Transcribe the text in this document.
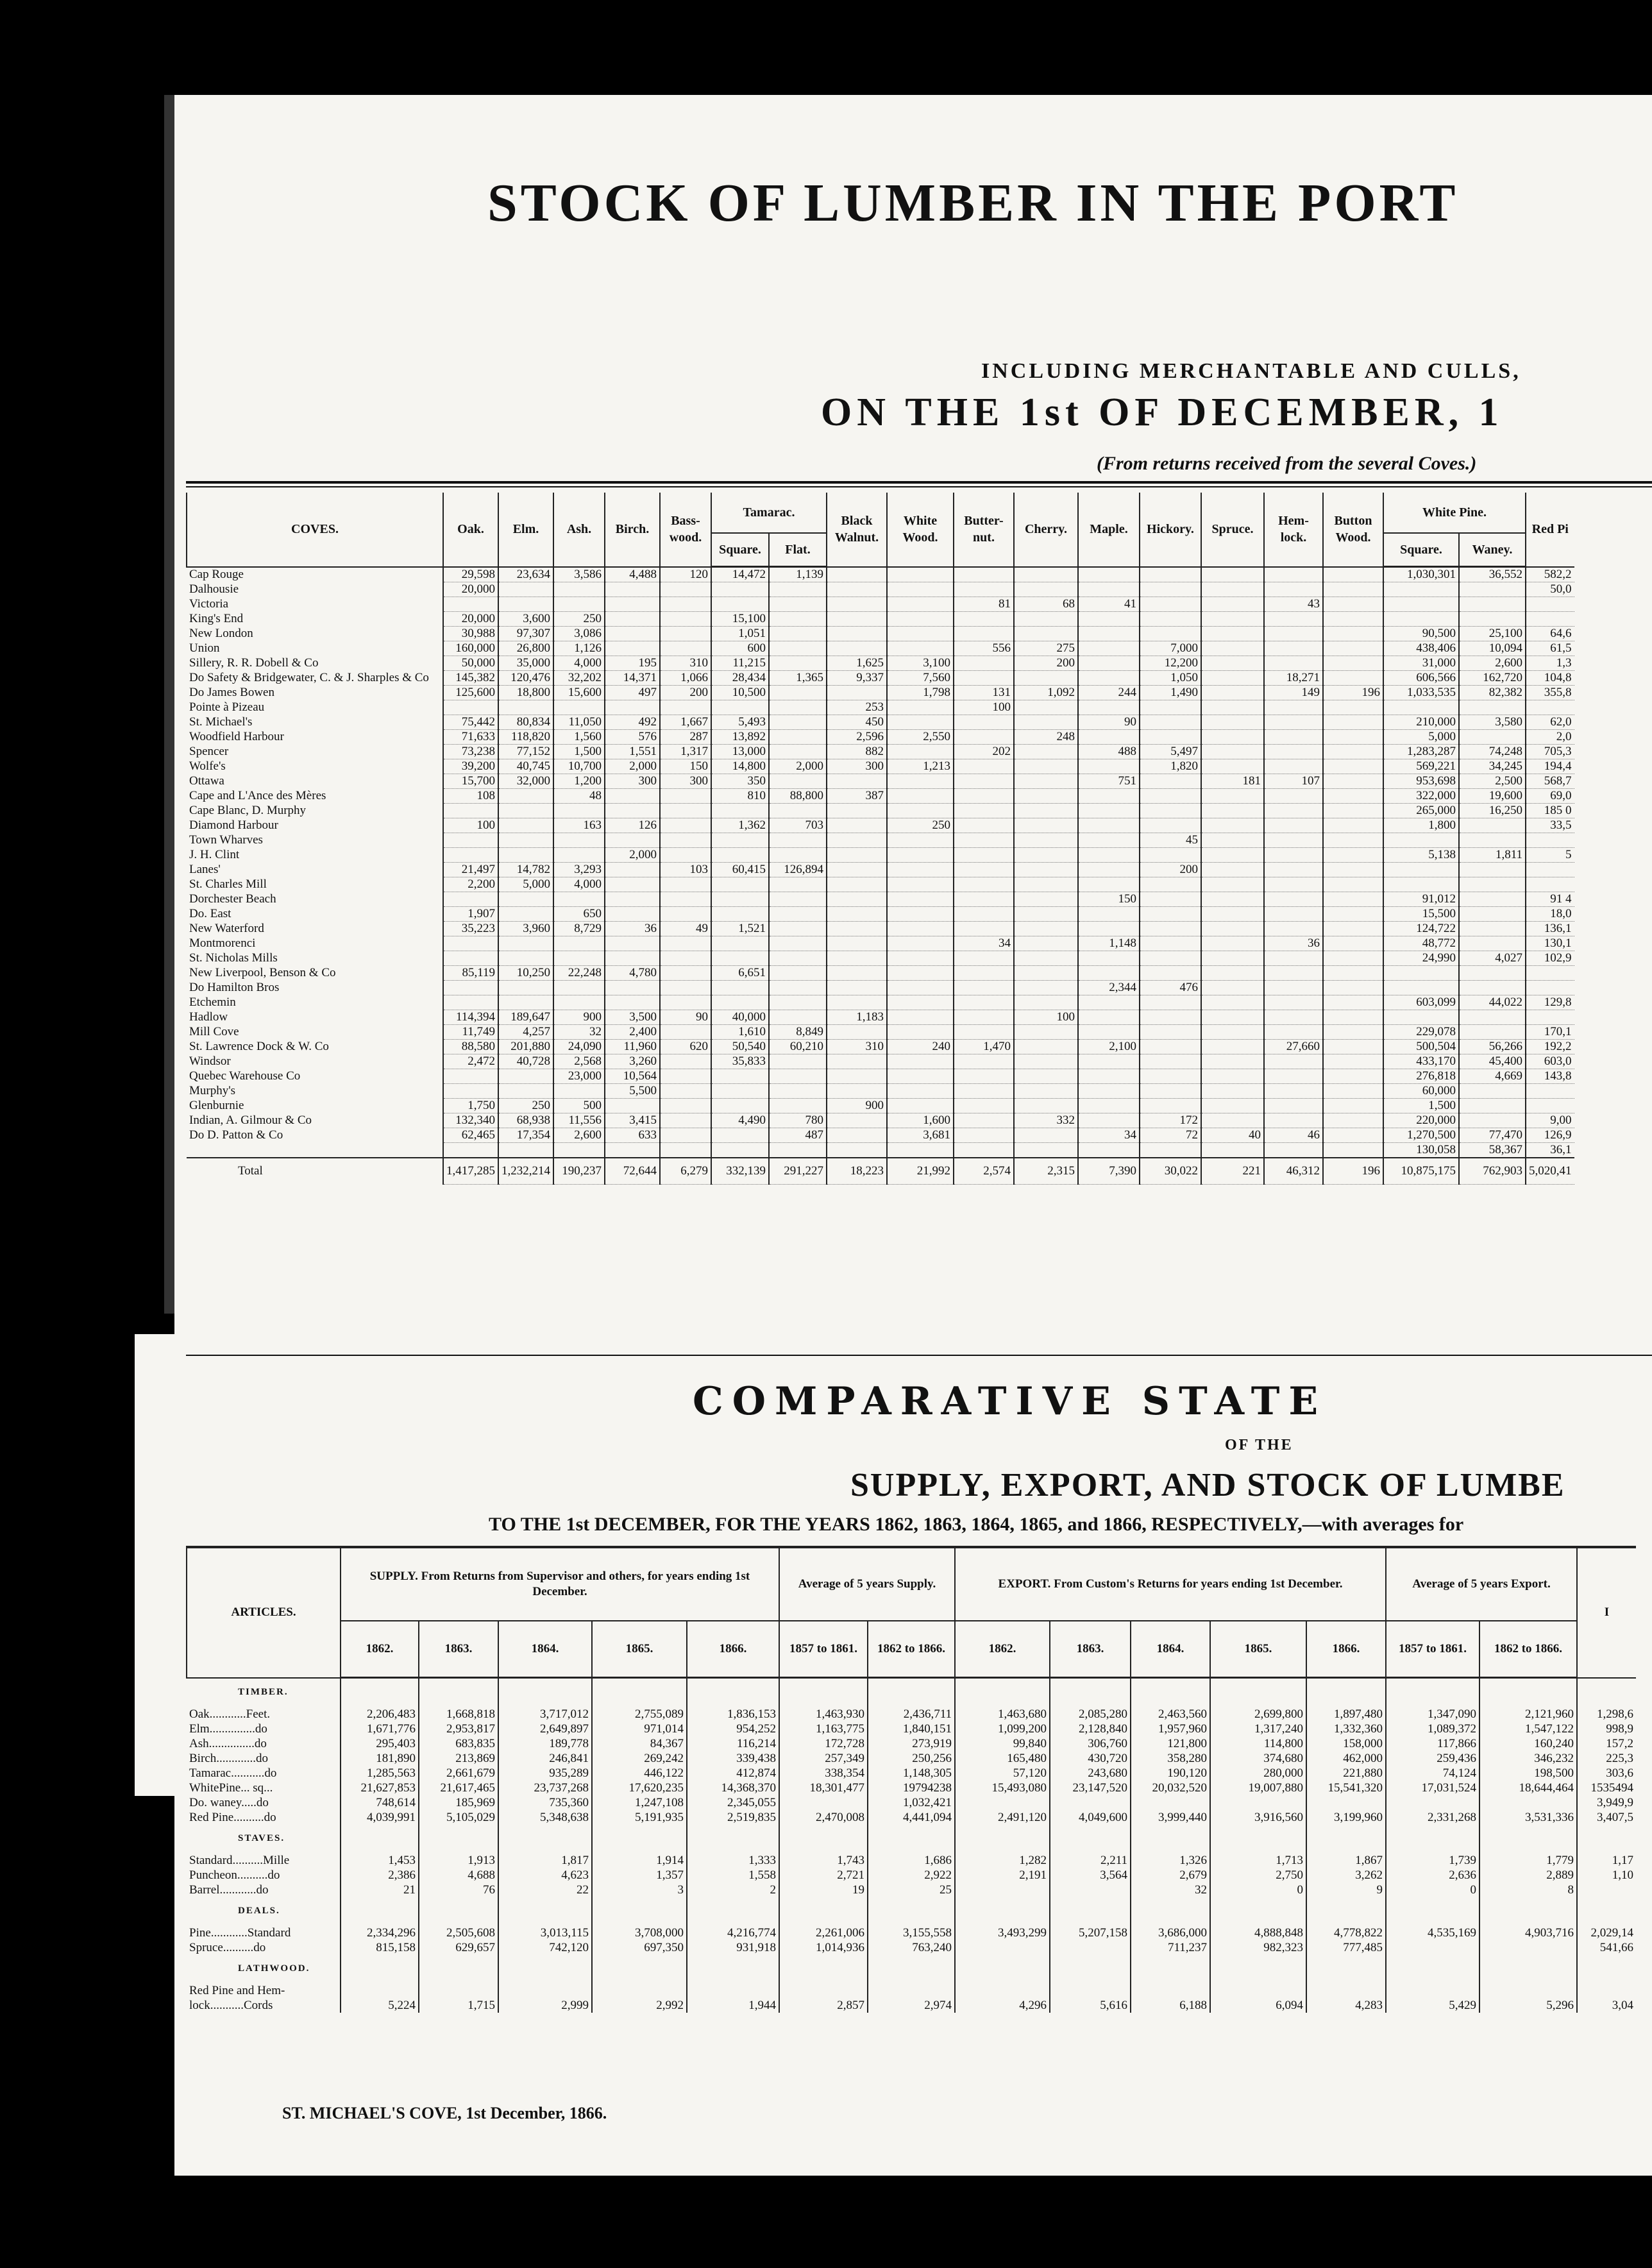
STOCK OF LUMBER IN THE PORT
INCLUDING MERCHANTABLE AND CULLS,
ON THE 1st OF DECEMBER, 1
(From returns received from the several Coves.)
COVES.	Oak.	Elm.	Ash.	Birch.	Bass-wood.	Tamarac.		Black Walnut.	White Wood.	Butter-nut.	Cherry.	Maple.	Hickory.	Spruce.	Hem-lock.	Button Wood.	White Pine.		Red Pi
						Square.	Flat.										Square.	Waney.	
Cap Rouge	29,598	23,634	3,586	4,488	120	14,472	1,139										1,030,301	36,552	582,2
Dalhousie	20,000																		50,0
Victoria										81	68	41			43				
King's End	20,000	3,600	250			15,100													
New London	30,988	97,307	3,086			1,051											90,500	25,100	64,6
Union	160,000	26,800	1,126			600				556	275		7,000				438,406	10,094	61,5
Sillery, R. R. Dobell & Co	50,000	35,000	4,000	195	310	11,215		1,625	3,100		200		12,200				31,000	2,600	1,3
Do Safety & Bridgewater, C. & J. Sharples & Co	145,382	120,476	32,202	14,371	1,066	28,434	1,365	9,337	7,560				1,050		18,271		606,566	162,720	104,8
Do James Bowen	125,600	18,800	15,600	497	200	10,500			1,798	131	1,092	244	1,490		149	196	1,033,535	82,382	355,8
Pointe à Pizeau								253		100									
St. Michael's	75,442	80,834	11,050	492	1,667	5,493		450				90					210,000	3,580	62,0
Woodfield Harbour	71,633	118,820	1,560	576	287	13,892		2,596	2,550		248						5,000		2,0
Spencer	73,238	77,152	1,500	1,551	1,317	13,000		882		202		488	5,497				1,283,287	74,248	705,3
Wolfe's	39,200	40,745	10,700	2,000	150	14,800	2,000	300	1,213				1,820				569,221	34,245	194,4
Ottawa	15,700	32,000	1,200	300	300	350						751		181	107		953,698	2,500	568,7
Cape and L'Ance des Mères	108		48			810	88,800	387									322,000	19,600	69,0
Cape Blanc, D. Murphy																	265,000	16,250	185 0
Diamond Harbour	100		163	126		1,362	703		250								1,800		33,5
Town Wharves													45						
J. H. Clint				2,000													5,138	1,811	5
Lanes'	21,497	14,782	3,293		103	60,415	126,894						200						
St. Charles Mill	2,200	5,000	4,000																
Dorchester Beach												150					91,012		91 4
Do. East	1,907		650														15,500		18,0
New Waterford	35,223	3,960	8,729	36	49	1,521											124,722		136,1
Montmorenci										34		1,148			36		48,772		130,1
St. Nicholas Mills																	24,990	4,027	102,9
New Liverpool, Benson & Co	85,119	10,250	22,248	4,780		6,651													
Do Hamilton Bros												2,344	476						
Etchemin																	603,099	44,022	129,8
Hadlow	114,394	189,647	900	3,500	90	40,000		1,183			100								
Mill Cove	11,749	4,257	32	2,400		1,610	8,849										229,078		170,1
St. Lawrence Dock & W. Co	88,580	201,880	24,090	11,960	620	50,540	60,210	310	240	1,470		2,100			27,660		500,504	56,266	192,2
Windsor	2,472	40,728	2,568	3,260		35,833											433,170	45,400	603,0
Quebec Warehouse Co			23,000	10,564													276,818	4,669	143,8
Murphy's				5,500													60,000		
Glenburnie	1,750	250	500					900									1,500		
Indian, A. Gilmour & Co	132,340	68,938	11,556	3,415		4,490	780		1,600		332		172				220,000		9,00
Do D. Patton & Co	62,465	17,354	2,600	633			487		3,681			34	72	40	46		1,270,500	77,470	126,9
																	130,058	58,367	36,1
Total	1,417,285	1,232,214	190,237	72,644	6,279	332,139	291,227	18,223	21,992	2,574	2,315	7,390	30,022	221	46,312	196	10,875,175	762,903	5,020,41
COMPARATIVE STATE
OF THE
SUPPLY, EXPORT, AND STOCK OF LUMBE
TO THE 1st DECEMBER, FOR THE YEARS 1862, 1863, 1864, 1865, and 1866, RESPECTIVELY,—with averages for
ARTICLES.	SUPPLY. From Returns from Supervisor and others, for years ending 1st December.					Average of 5 years Supply.		EXPORT. From Custom's Returns for years ending 1st December.					Average of 5 years Export.		I
	1862.	1863.	1864.	1865.	1866.	1857 to 1861.	1862 to 1866.	1862.	1863.	1864.	1865.	1866.	1857 to 1861.	1862 to 1866.	
TIMBER.															
Oak............Feet.	2,206,483	1,668,818	3,717,012	2,755,089	1,836,153	1,463,930	2,436,711	1,463,680	2,085,280	2,463,560	2,699,800	1,897,480	1,347,090	2,121,960	1,298,6
Elm...............do	1,671,776	2,953,817	2,649,897	971,014	954,252	1,163,775	1,840,151	1,099,200	2,128,840	1,957,960	1,317,240	1,332,360	1,089,372	1,547,122	998,9
Ash...............do	295,403	683,835	189,778	84,367	116,214	172,728	273,919	99,840	306,760	121,800	114,800	158,000	117,866	160,240	157,2
Birch.............do	181,890	213,869	246,841	269,242	339,438	257,349	250,256	165,480	430,720	358,280	374,680	462,000	259,436	346,232	225,3
Tamarac...........do	1,285,563	2,661,679	935,289	446,122	412,874	338,354	1,148,305	57,120	243,680	190,120	280,000	221,880	74,124	198,500	303,6
WhitePine... sq...	21,627,853	21,617,465	23,737,268	17,620,235	14,368,370	18,301,477	19794238	15,493,080	23,147,520	20,032,520	19,007,880	15,541,320	17,031,524	18,644,464	1535494
Do. waney.....do	748,614	185,969	735,360	1,247,108	2,345,055		1,032,421								3,949,9
Red Pine..........do	4,039,991	5,105,029	5,348,638	5,191,935	2,519,835	2,470,008	4,441,094	2,491,120	4,049,600	3,999,440	3,916,560	3,199,960	2,331,268	3,531,336	3,407,5
STAVES.															
Standard..........Mille	1,453	1,913	1,817	1,914	1,333	1,743	1,686	1,282	2,211	1,326	1,713	1,867	1,739	1,779	1,17
Puncheon..........do	2,386	4,688	4,623	1,357	1,558	2,721	2,922	2,191	3,564	2,679	2,750	3,262	2,636	2,889	1,10
Barrel............do	21	76	22	3	2	19	25			32	0	9	0	8	
DEALS.															
Pine............Standard	2,334,296	2,505,608	3,013,115	3,708,000	4,216,774	2,261,006	3,155,558	3,493,299	5,207,158	3,686,000	4,888,848	4,778,822	4,535,169	4,903,716	2,029,14
Spruce..........do	815,158	629,657	742,120	697,350	931,918	1,014,936	763,240			711,237	982,323	777,485			541,66
LATHWOOD.															
Red Pine and Hem-															
lock...........Cords	5,224	1,715	2,999	2,992	1,944	2,857	2,974	4,296	5,616	6,188	6,094	4,283	5,429	5,296	3,04
ST. MICHAEL'S COVE, 1st December, 1866.
